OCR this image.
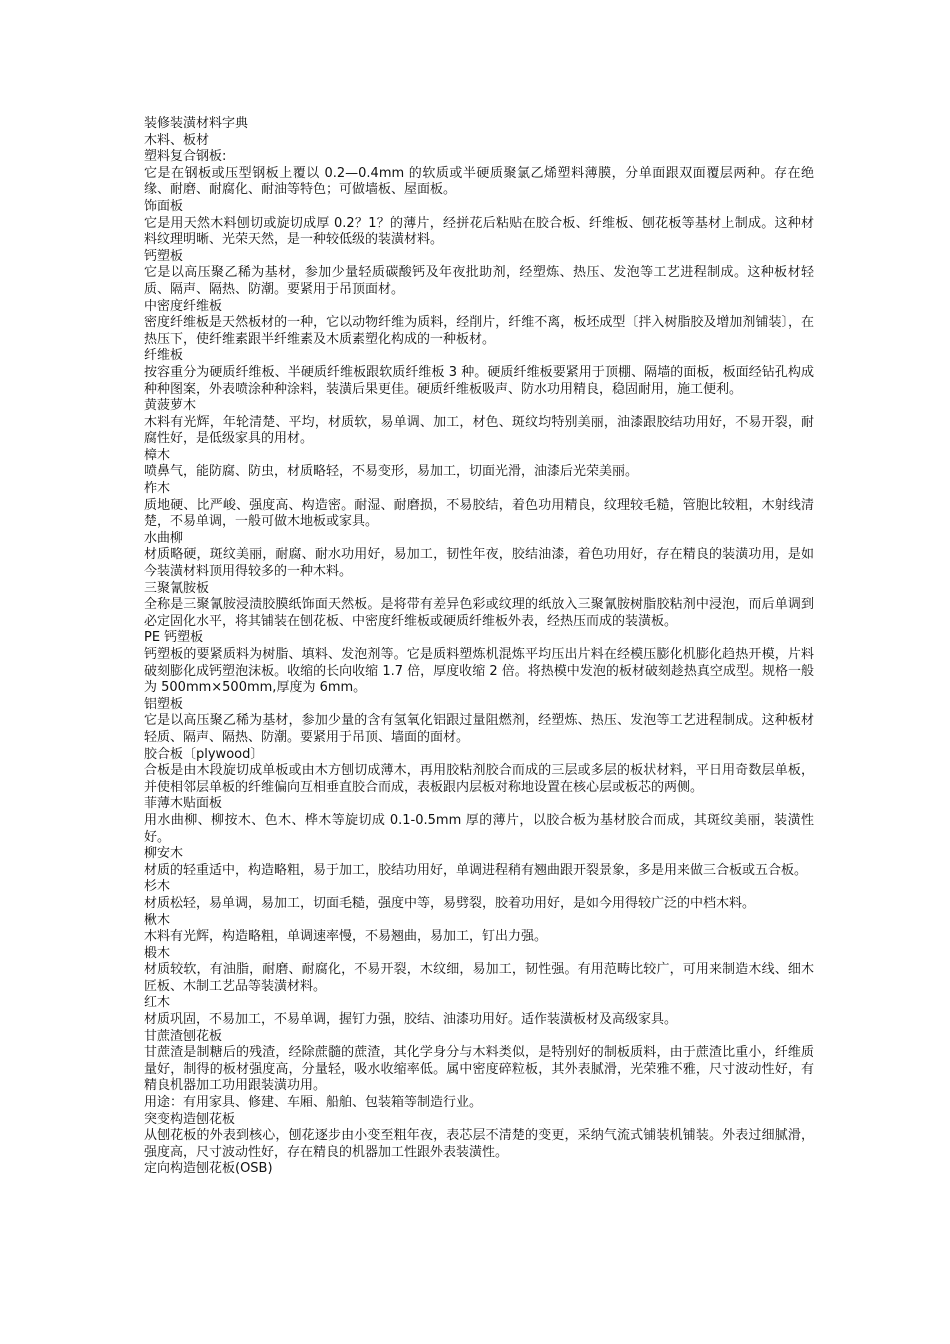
装修装潢材料字典

木料、板材

塑料复合钢板:

它是在钢板或压型钢板上覆以 0.2—0.4mm 的软质或半硬质聚氯乙烯塑料薄膜，分单面跟双面覆层两种。存在绝缘、耐磨、耐腐化、耐油等特色；可做墙板、屋面板。

饰面板

它是用天然木料刨切或旋切成厚 0.2？1？的薄片，经拼花后粘贴在胶合板、纤维板、刨花板等基材上制成。这种材料纹理明晰、光荣天然，是一种较低级的装潢材料。

钙塑板

它是以高压聚乙稀为基材，参加少量轻质碳酸钙及年夜批助剂，经塑炼、热压、发泡等工艺进程制成。这种板材轻质、隔声、隔热、防潮。要紧用于吊顶面材。

中密度纤维板

密度纤维板是天然板材的一种，它以动物纤维为质料，经削片，纤维不离，板坯成型〔拌入树脂胶及增加剂铺装〕，在热压下，使纤维素跟半纤维素及木质素塑化构成的一种板材。

纤维板

按容重分为硬质纤维板、半硬质纤维板跟软质纤维板 3 种。硬质纤维板要紧用于顶棚、隔墙的面板，板面经钻孔构成种种图案，外表喷涂种种涂料，装潢后果更佳。硬质纤维板吸声、防水功用精良，稳固耐用，施工便利。

黄菠萝木

木料有光辉，年轮清楚、平均，材质软，易单调、加工，材色、斑纹均特别美丽，油漆跟胶结功用好，不易开裂，耐腐性好，是低级家具的用材。

樟木

喷鼻气，能防腐、防虫，材质略轻，不易变形，易加工，切面光滑，油漆后光荣美丽。

柞木

质地硬、比严峻、强度高、构造密。耐湿、耐磨损，不易胶结，着色功用精良，纹理较毛糙，管胞比较粗，木射线清楚，不易单调，一般可做木地板或家具。

水曲柳

材质略硬，斑纹美丽，耐腐、耐水功用好，易加工，韧性年夜，胶结油漆，着色功用好，存在精良的装潢功用，是如今装潢材料顶用得较多的一种木料。

三聚氰胺板

全称是三聚氰胺浸渍胶膜纸饰面天然板。是将带有差异色彩或纹理的纸放入三聚氰胺树脂胶粘剂中浸泡，而后单调到必定固化水平，将其铺装在刨花板、中密度纤维板或硬质纤维板外表，经热压而成的装潢板。

PE 钙塑板

钙塑板的要紧质料为树脂、填料、发泡剂等。它是质料塑炼机混炼平均压出片料在经模压膨化机膨化趋热开模，片料破刻膨化成钙塑泡沫板。收缩的长向收缩 1.7 倍，厚度收缩 2 倍。将热模中发泡的板材破刻趁热真空成型。规格一般为 500mm×500mm,厚度为 6mm。

铝塑板

它是以高压聚乙稀为基材，参加少量的含有氢氧化铝跟过量阻燃剂，经塑炼、热压、发泡等工艺进程制成。这种板材轻质、隔声、隔热、防潮。要紧用于吊顶、墙面的面材。

胶合板〔plywood〕

合板是由木段旋切成单板或由木方刨切成薄木，再用胶粘剂胶合而成的三层或多层的板状材料，平日用奇数层单板，并使相邻层单板的纤维偏向互相垂直胶合而成，表板跟内层板对称地设置在核心层或板芯的两侧。

菲薄木贴面板

用水曲柳、柳按木、色木、桦木等旋切成 0.1-0.5mm 厚的薄片，以胶合板为基材胶合而成，其斑纹美丽，装潢性好。

柳安木

材质的轻重适中，构造略粗，易于加工，胶结功用好，单调进程稍有翘曲跟开裂景象，多是用来做三合板或五合板。

杉木

材质松轻，易单调，易加工，切面毛糙，强度中等，易劈裂，胶着功用好，是如今用得较广泛的中档木料。

楸木

木料有光辉，构造略粗，单调速率慢，不易翘曲，易加工，钉出力强。

椴木

材质较软，有油脂，耐磨、耐腐化，不易开裂，木纹细，易加工，韧性强。有用范畴比较广，可用来制造木线、细木匠板、木制工艺品等装潢材料。

红木

材质巩固，不易加工，不易单调，握钉力强，胶结、油漆功用好。适作装潢板材及高级家具。

甘蔗渣刨花板

甘蔗渣是制糖后的残渣，经除蔗髓的蔗渣，其化学身分与木料类似，是特别好的制板质料，由于蔗渣比重小，纤维质量好，制得的板材强度高，分量轻，吸水收缩率低。属中密度碎粒板，其外表腻滑，光荣雅不雅，尺寸波动性好，有精良机器加工功用跟装潢功用。

用途：有用家具、修建、车厢、船舶、包装箱等制造行业。

突变构造刨花板

从刨花板的外表到核心，刨花逐步由小变至粗年夜，表芯层不清楚的变更，采纳气流式铺装机铺装。外表过细腻滑，强度高，尺寸波动性好，存在精良的机器加工性跟外表装潢性。

定向构造刨花板(OSB)
